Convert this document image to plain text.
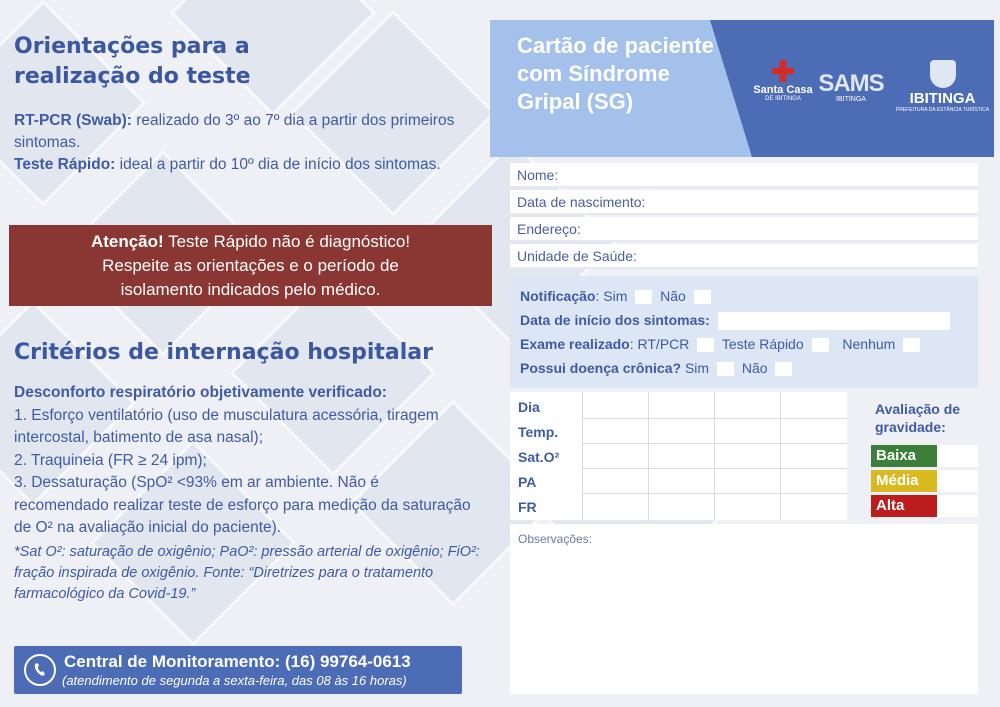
Orientações para a
realização do teste
RT-PCR (Swab): realizado do 3º ao 7º dia a partir dos primeiros sintomas.
Teste Rápido: ideal a partir do 10º dia de início dos sintomas.
Atenção! Teste Rápido não é diagnóstico!
Respeite as orientações e o período de
isolamento indicados pelo médico.
Critérios de internação hospitalar
Desconforto respiratório objetivamente verificado:
1. Esforço ventilatório (uso de musculatura acessória, tiragem intercostal, batimento de asa nasal);
2. Traquineia (FR ≥ 24 ipm);
3. Dessaturação (SpO² <93% em ar ambiente. Não é recomendado realizar teste de esforço para medição da saturação de O² na avaliação inicial do paciente).
*Sat O²: saturação de oxigênio; PaO²: pressão arterial de oxigênio; FiO²: fração inspirada de oxigênio. Fonte: “Diretrizes para o tratamento farmacológico da Covid-19.”
Central de Monitoramento: (16) 99764-0613
(atendimento de segunda a sexta-feira, das 08 às 16 horas)
Cartão de paciente com Síndrome Gripal (SG)	Santa Casa
DE IBITINGA
SAMS
IBITINGA	IBITINGA
PREFEITURA DA ESTÂNCIA TURÍSTICA
Nome:
Data de nascimento:
Endereço:
Unidade de Saúde:
Notificação: Sim Não
Data de início dos sintomas:
Exame realizado: RT/PCR Teste Rápido	Nenhum
Possui doença crônica? Sim Não
Dia
Temp.
Sat.O²
PA
FR
Avaliação de
gravidade:
Baixa
Média
Alta
Observações:
